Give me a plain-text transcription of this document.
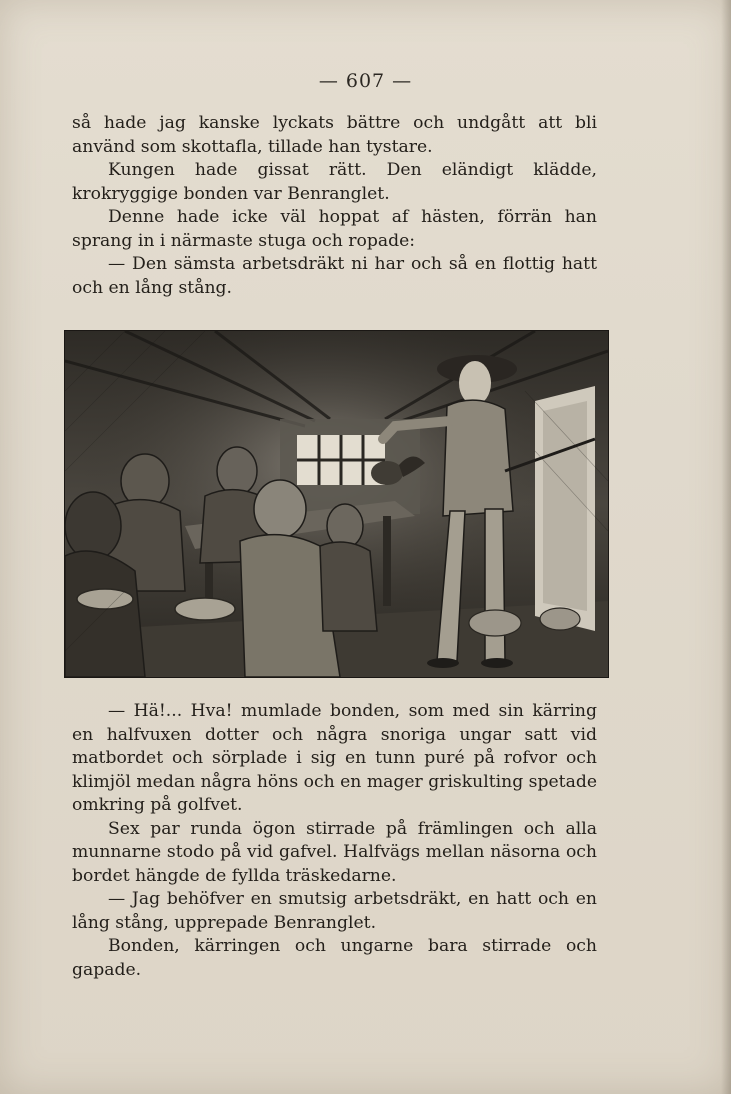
— 607 —

så hade jag kanske lyckats bättre och undgått att bli använd som skottafla, tillade han tystare.

Kungen hade gissat rätt. Den eländigt klädde, krokryggige bonden var Benranglet.

Denne hade icke väl hoppat af hästen, förrän han sprang in i närmaste stuga och ropade:

— Den sämsta arbetsdräkt ni har och så en flottig hatt och en lång stång.

— Hä!... Hva! mumlade bonden, som med sin kärring en halfvuxen dotter och några snoriga ungar satt vid matbordet och sörplade i sig en tunn puré på rofvor och klimjöl medan några höns och en mager griskulting spetade omkring på golfvet.

Sex par runda ögon stirrade på främlingen och alla munnarne stodo på vid gafvel. Halfvägs mellan näsorna och bordet hängde de fyllda träskedarne.

— Jag behöfver en smutsig arbetsdräkt, en hatt och en lång stång, upprepade Benranglet.

Bonden, kärringen och ungarne bara stirrade och gapade.
